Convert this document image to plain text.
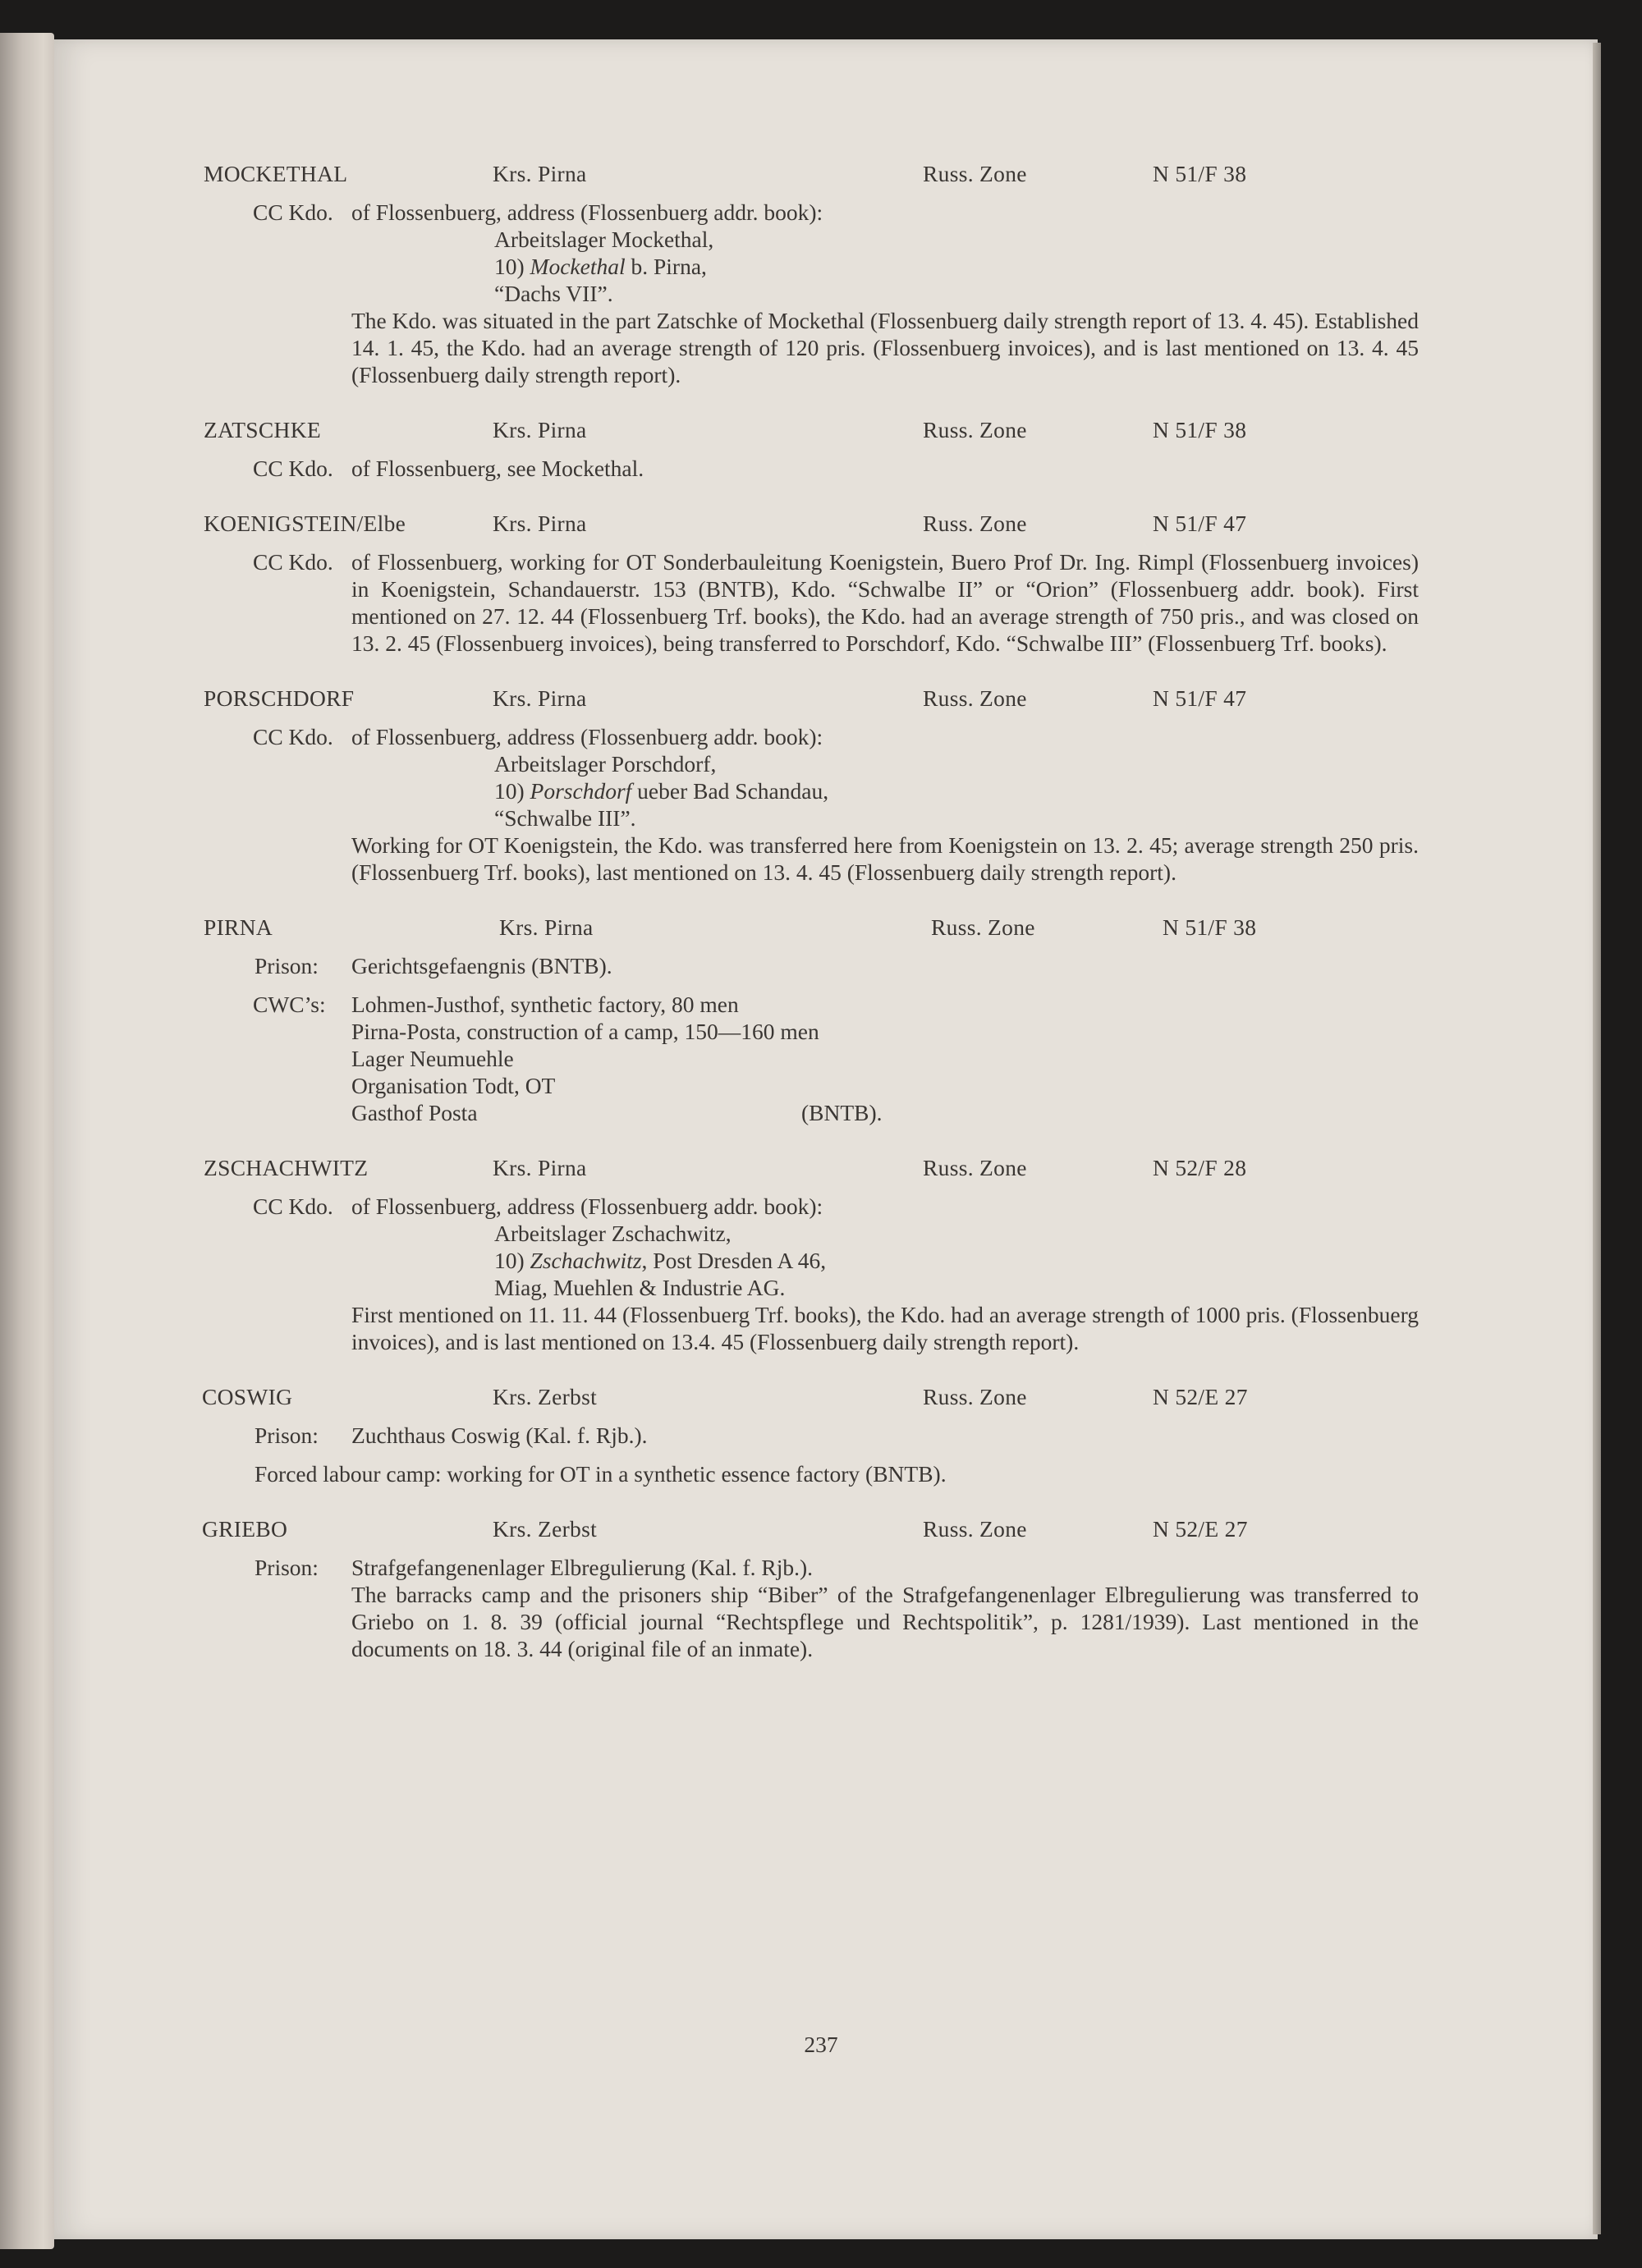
MOCKETHAL	Krs. Pirna	Russ. Zone	N 51/F 38
CC Kdo. of Flossenbuerg, address (Flossenbuerg addr. book):
Arbeitslager Mockethal,
10) Mockethal b. Pirna,
“Dachs VII”.
The Kdo. was situated in the part Zatschke of Mockethal (Flossenbuerg daily strength report of 13. 4. 45). Established 14. 1. 45, the Kdo. had an average strength of 120 pris. (Flossenbuerg invoices), and is last mentioned on 13. 4. 45 (Flossenbuerg daily strength report).
ZATSCHKE	Krs. Pirna	Russ. Zone	N 51/F 38
CC Kdo. of Flossenbuerg, see Mockethal.
KOENIGSTEIN/Elbe	Krs. Pirna	Russ. Zone	N 51/F 47
CC Kdo. of Flossenbuerg, working for OT Sonderbauleitung Koenigstein, Buero Prof Dr. Ing. Rimpl (Flossenbuerg invoices) in Koenigstein, Schandauerstr. 153 (BNTB), Kdo. “Schwalbe II” or “Orion” (Flossenbuerg addr. book). First mentioned on 27. 12. 44 (Flossenbuerg Trf. books), the Kdo. had an average strength of 750 pris., and was closed on 13. 2. 45 (Flossenbuerg invoices), being transferred to Porschdorf, Kdo. “Schwalbe III” (Flossenbuerg Trf. books).
PORSCHDORF	Krs. Pirna	Russ. Zone	N 51/F 47
CC Kdo. of Flossenbuerg, address (Flossenbuerg addr. book):
Arbeitslager Porschdorf,
10) Porschdorf ueber Bad Schandau,
“Schwalbe III”.
Working for OT Koenigstein, the Kdo. was transferred here from Koenigstein on 13. 2. 45; average strength 250 pris. (Flossenbuerg Trf. books), last mentioned on 13. 4. 45 (Flossenbuerg daily strength report).
PIRNA	Krs. Pirna	Russ. Zone	N 51/F 38
Prison: Gerichtsgefaengnis (BNTB).
CWC’s: Lohmen-Justhof, synthetic factory, 80 men
Pirna-Posta, construction of a camp, 150—160 men
Lager Neumuehle
Organisation Todt, OT
Gasthof Posta	(BNTB).
ZSCHACHWITZ	Krs. Pirna	Russ. Zone	N 52/F 28
CC Kdo. of Flossenbuerg, address (Flossenbuerg addr. book):
Arbeitslager Zschachwitz,
10) Zschachwitz, Post Dresden A 46,
Miag, Muehlen & Industrie AG.
First mentioned on 11. 11. 44 (Flossenbuerg Trf. books), the Kdo. had an average strength of 1000 pris. (Flossenbuerg invoices), and is last mentioned on 13.4. 45 (Flossenbuerg daily strength report).
COSWIG	Krs. Zerbst	Russ. Zone	N 52/E 27
Prison: Zuchthaus Coswig (Kal. f. Rjb.).
Forced labour camp: working for OT in a synthetic essence factory (BNTB).
GRIEBO	Krs. Zerbst	Russ. Zone	N 52/E 27
Prison: Strafgefangenenlager Elbregulierung (Kal. f. Rjb.).
The barracks camp and the prisoners ship “Biber” of the Strafgefangenenlager Elbregulierung was transferred to Griebo on 1. 8. 39 (official journal “Rechtspflege und Rechtspolitik”, p. 1281/1939). Last mentioned in the documents on 18. 3. 44 (original file of an inmate).
237
